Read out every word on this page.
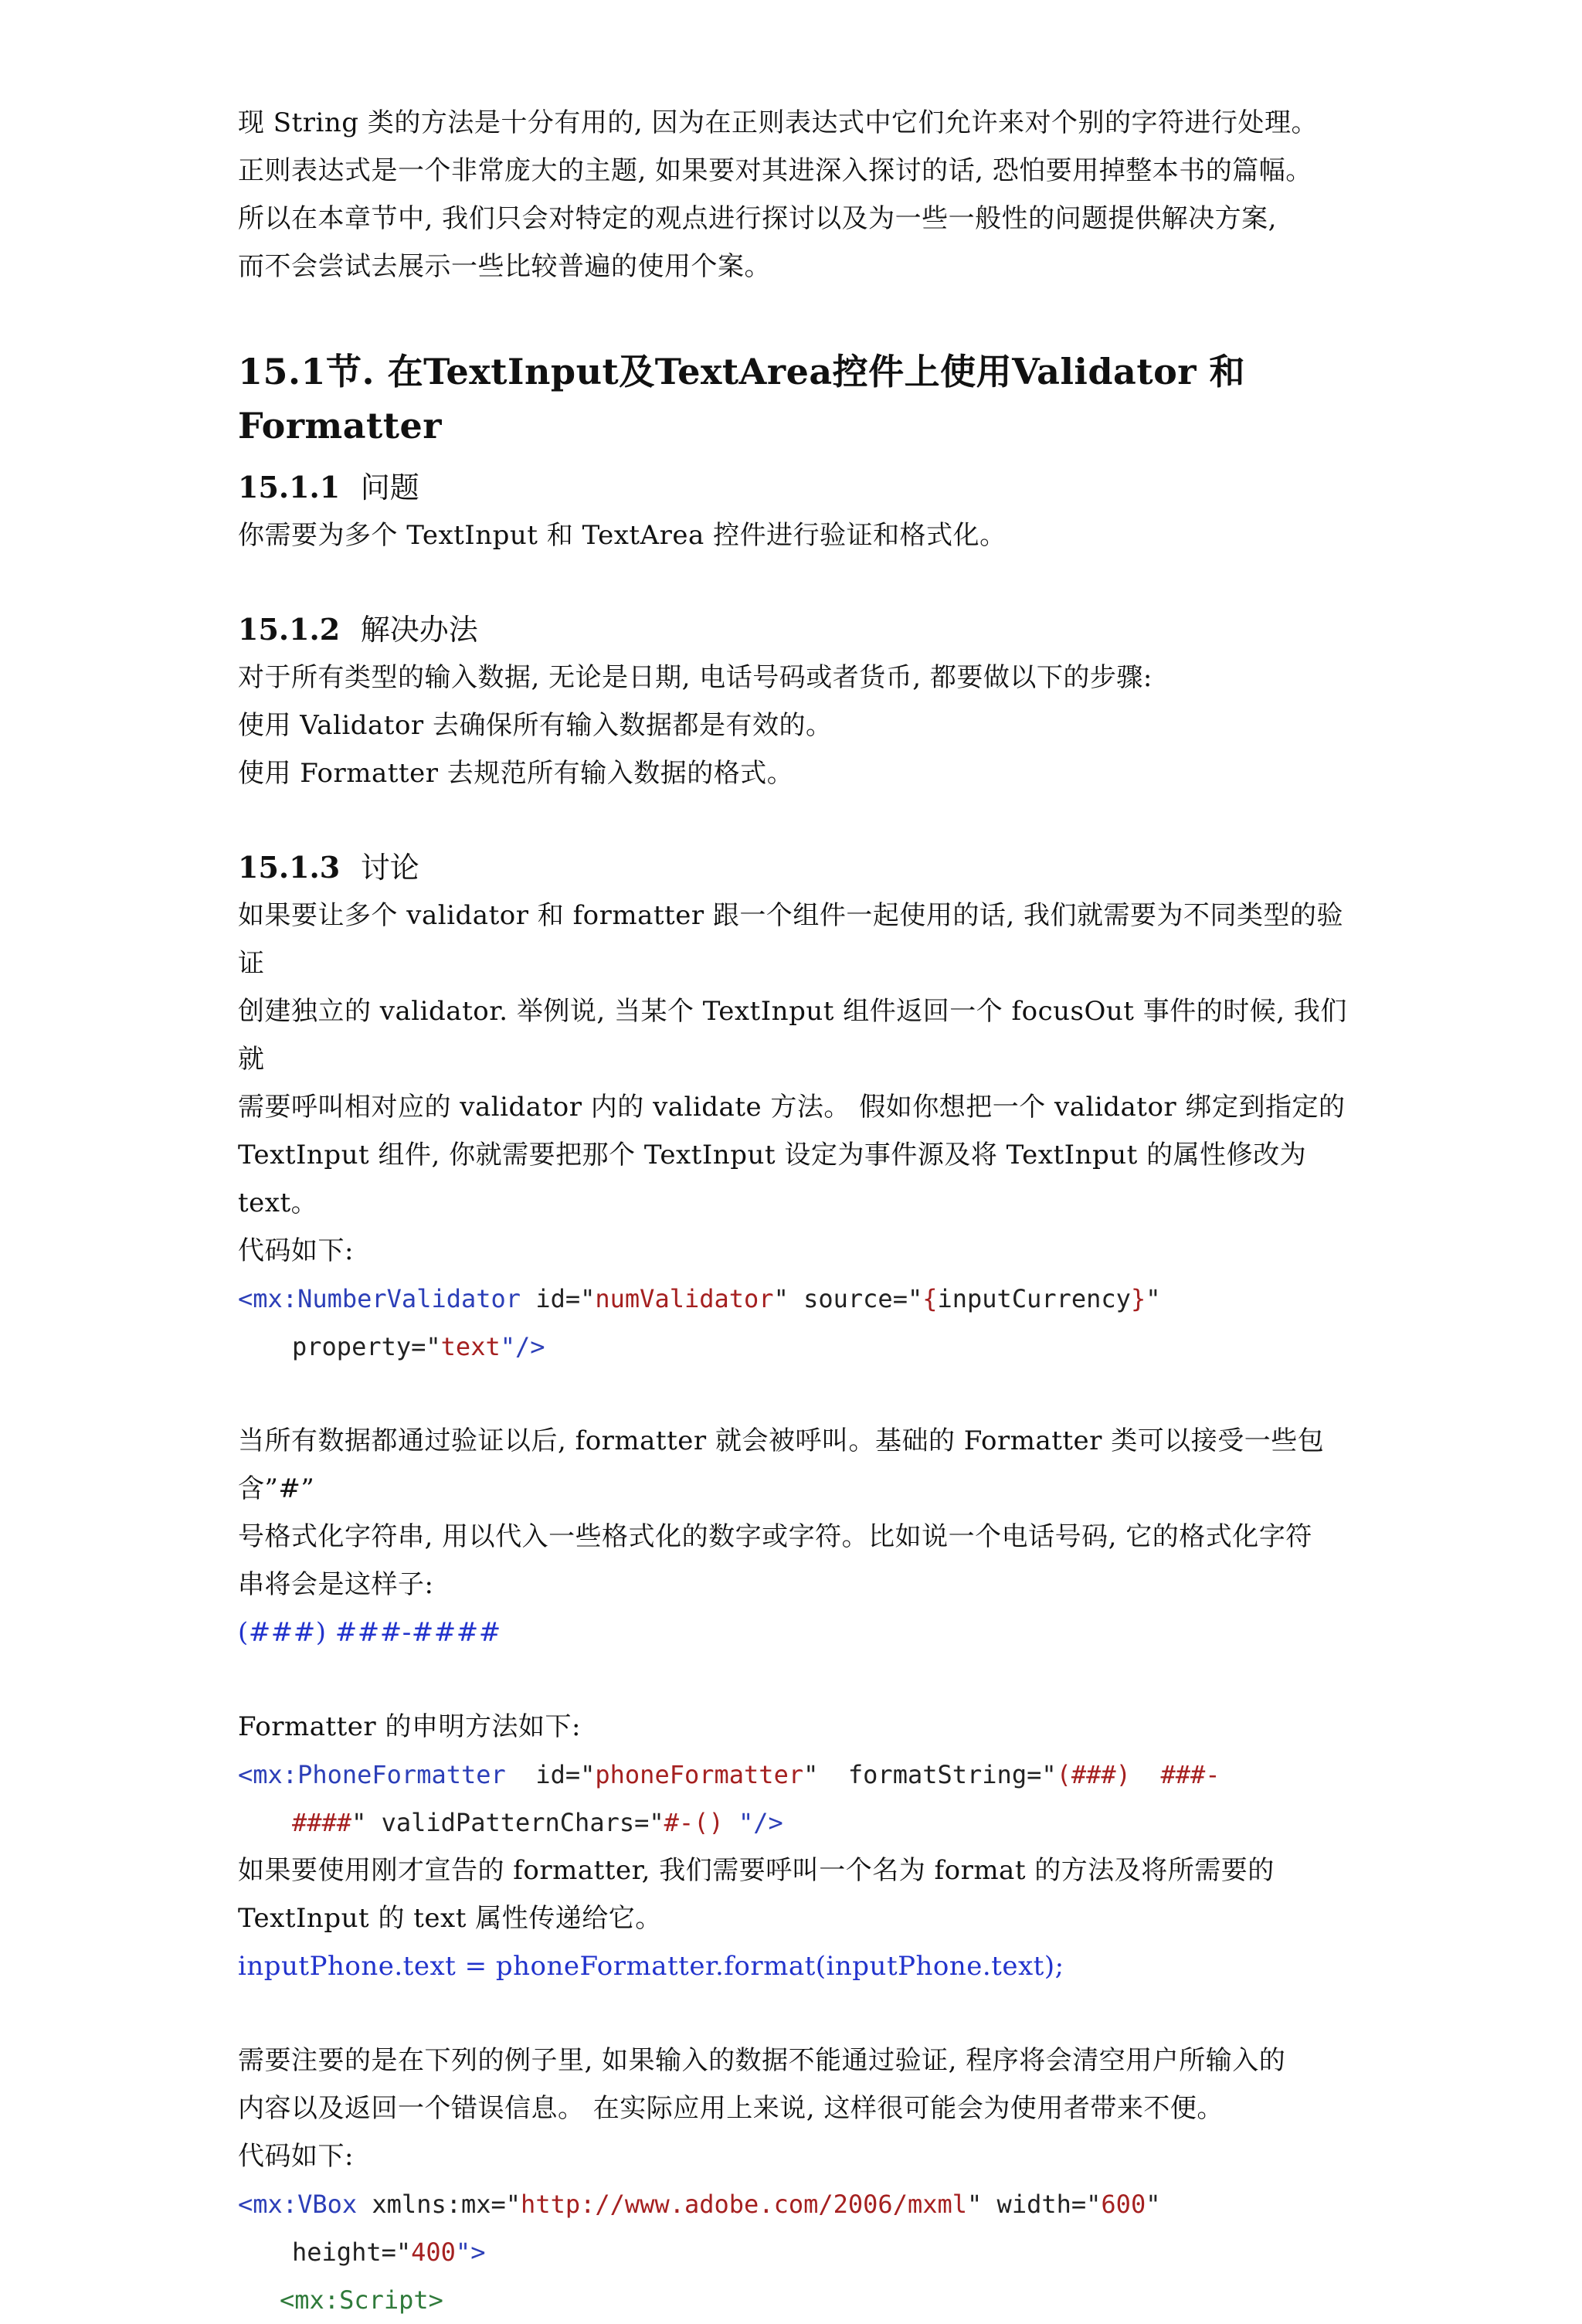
现 String 类的方法是十分有用的, 因为在正则表达式中它们允许来对个别的字符进行处理。

正则表达式是一个非常庞大的主题, 如果要对其进深入探讨的话, 恐怕要用掉整本书的篇幅。

所以在本章节中, 我们只会对特定的观点进行探讨以及为一些一般性的问题提供解决方案,

而不会尝试去展示一些比较普遍的使用个案。

15.1节. 在TextInput及TextArea控件上使用Validator 和 Formatter
15.1.1 问题

你需要为多个 TextInput 和 TextArea 控件进行验证和格式化。

15.1.2 解决办法

对于所有类型的输入数据, 无论是日期, 电话号码或者货币, 都要做以下的步骤:

使用 Validator 去确保所有输入数据都是有效的。

使用 Formatter 去规范所有输入数据的格式。

15.1.3 讨论

如果要让多个 validator 和 formatter 跟一个组件一起使用的话, 我们就需要为不同类型的验证

创建独立的 validator. 举例说, 当某个 TextInput 组件返回一个 focusOut 事件的时候, 我们就

需要呼叫相对应的 validator 内的 validate 方法。 假如你想把一个 validator 绑定到指定的

TextInput 组件, 你就需要把那个 TextInput 设定为事件源及将 TextInput 的属性修改为 text。

代码如下:

<mx:NumberValidator id="numValidator" source="{inputCurrency}"

property="text"/>

当所有数据都通过验证以后, formatter 就会被呼叫。基础的 Formatter 类可以接受一些包含”#”

号格式化字符串, 用以代入一些格式化的数字或字符。比如说一个电话号码, 它的格式化字符

串将会是这样子:

(###) ###-####

Formatter 的申明方法如下:

<mx:PhoneFormatter  id="phoneFormatter"  formatString="(###)  ###-

####" validPatternChars="#-() "/>

如果要使用刚才宣告的 formatter, 我们需要呼叫一个名为 format 的方法及将所需要的

TextInput 的 text 属性传递给它。

inputPhone.text = phoneFormatter.format(inputPhone.text);

需要注要的是在下列的例子里, 如果输入的数据不能通过验证, 程序将会清空用户所输入的

内容以及返回一个错误信息。 在实际应用上来说, 这样很可能会为使用者带来不便。

代码如下:

<mx:VBox xmlns:mx="http://www.adobe.com/2006/mxml" width="600"

height="400">

<mx:Script>
